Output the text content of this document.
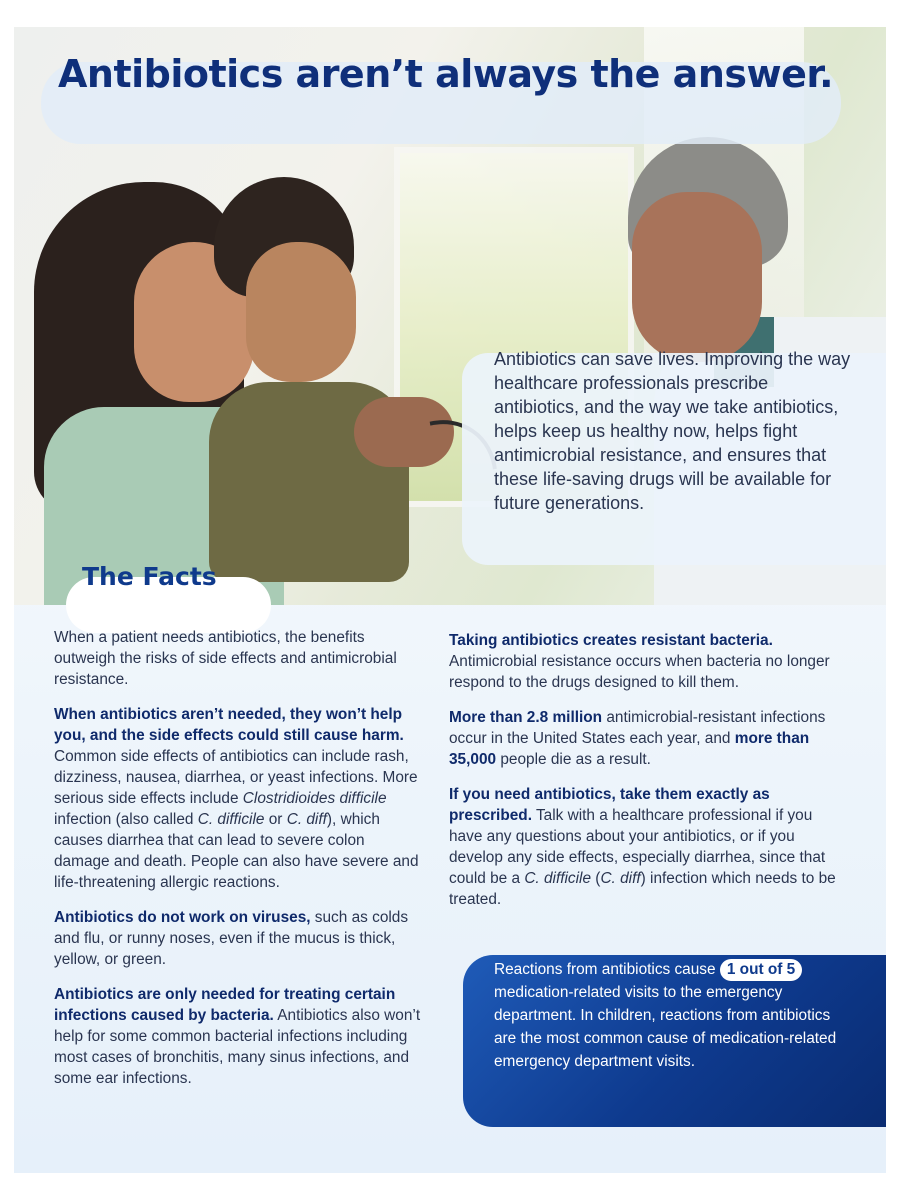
Antibiotics aren’t always the answer.
Antibiotics can save lives. Improving the way healthcare professionals prescribe antibiotics, and the way we take antibiotics, helps keep us healthy now, helps fight antimicrobial resistance, and ensures that these life-saving drugs will be available for future generations.
The Facts

When a patient needs antibiotics, the benefits outweigh the risks of side effects and antimicrobial resistance.

When antibiotics aren’t needed, they won’t help you, and the side effects could still cause harm. Common side effects of antibiotics can include rash, dizziness, nausea, diarrhea, or yeast infections. More serious side effects include Clostridioides difficile infection (also called C. difficile or C. diff), which causes diarrhea that can lead to severe colon damage and death. People can also have severe and life-threatening allergic reactions.

Antibiotics do not work on viruses, such as colds and flu, or runny noses, even if the mucus is thick, yellow, or green.

Antibiotics are only needed for treating certain infections caused by bacteria. Antibiotics also won’t help for some common bacterial infections including most cases of bronchitis, many sinus infections, and some ear infections.

Taking antibiotics creates resistant bacteria. Antimicrobial resistance occurs when bacteria no longer respond to the drugs designed to kill them.

More than 2.8 million antimicrobial-resistant infections occur in the United States each year, and more than 35,000 people die as a result.

If you need antibiotics, take them exactly as prescribed. Talk with a healthcare professional if you have any questions about your antibiotics, or if you develop any side effects, especially diarrhea, since that could be a C. difficile (C. diff) infection which needs to be treated.

Reactions from antibiotics cause 1 out of 5 medication-related visits to the emergency department. In children, reactions from antibiotics are the most common cause of medication-related emergency department visits.
